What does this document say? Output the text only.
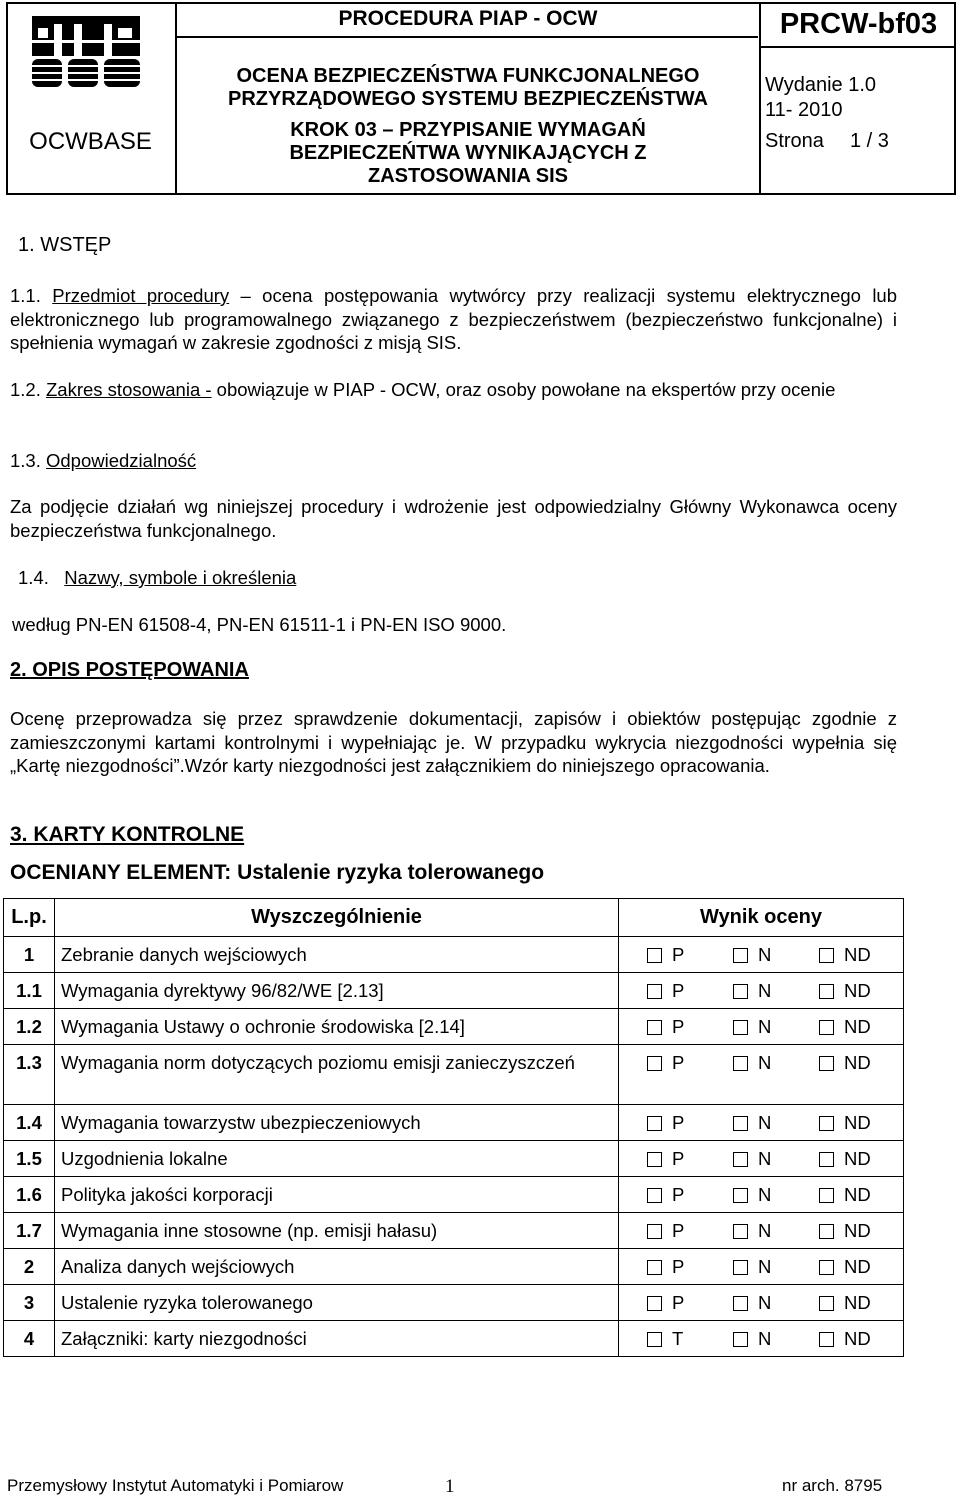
OCWBASE
PROCEDURA PIAP - OCW
OCENA BEZPIECZEŃSTWA FUNKCJONALNEGO
PRZYRZĄDOWEGO SYSTEMU BEZPIECZEŃSTWA
KROK 03 – PRZYPISANIE WYMAGAŃ
BEZPIECZEŃTWA WYNIKAJĄCYCH Z
ZASTOSOWANIA SIS
PRCW-bf03
Wydanie 1.0
11- 2010
Strona 1 / 3
1. WSTĘP

1.1. Przedmiot procedury – ocena postępowania wytwórcy przy realizacji systemu elektrycznego lub elektronicznego lub programowalnego związanego z bezpieczeństwem (bezpieczeństwo funkcjonalne) i spełnienia wymagań w zakresie zgodności z misją SIS.

1.2. Zakres stosowania - obowiązuje w PIAP - OCW, oraz osoby powołane na ekspertów przy ocenie

1.3. Odpowiedzialność

Za podjęcie działań wg niniejszej procedury i wdrożenie jest odpowiedzialny Główny Wykonawca oceny bezpieczeństwa funkcjonalnego.

1.4. Nazwy, symbole i określenia

według PN-EN 61508-4, PN-EN 61511-1 i PN-EN ISO 9000.

2. OPIS POSTĘPOWANIA

Ocenę przeprowadza się przez sprawdzenie dokumentacji, zapisów i obiektów postępując zgodnie z zamieszczonymi kartami kontrolnymi i wypełniając je. W przypadku wykrycia niezgodności wypełnia się „Kartę niezgodności”.Wzór karty niezgodności jest załącznikiem do niniejszego opracowania.

3. KARTY KONTROLNE
OCENIANY ELEMENT: Ustalenie ryzyka tolerowanego
L.p.	Wyszczególnienie	Wynik oceny
1	Zebranie danych wejściowych	P N ND

1.1	Wymagania dyrektywy 96/82/WE [2.13]	P N ND

1.2	Wymagania Ustawy o ochronie środowiska [2.14]	P N ND

1.3	Wymagania norm dotyczących poziomu emisji zanieczyszczeń	P N ND

1.4	Wymagania towarzystw ubezpieczeniowych	P N ND

1.5	Uzgodnienia lokalne	P N ND

1.6	Polityka jakości korporacji	P N ND

1.7	Wymagania inne stosowne (np. emisji hałasu)	P N ND

2	Analiza danych wejściowych	P N ND

3	Ustalenie ryzyka tolerowanego	P N ND

4	Załączniki: karty niezgodności	T N ND
Przemysłowy Instytut Automatyki i Pomiarow	1	nr arch. 8795
